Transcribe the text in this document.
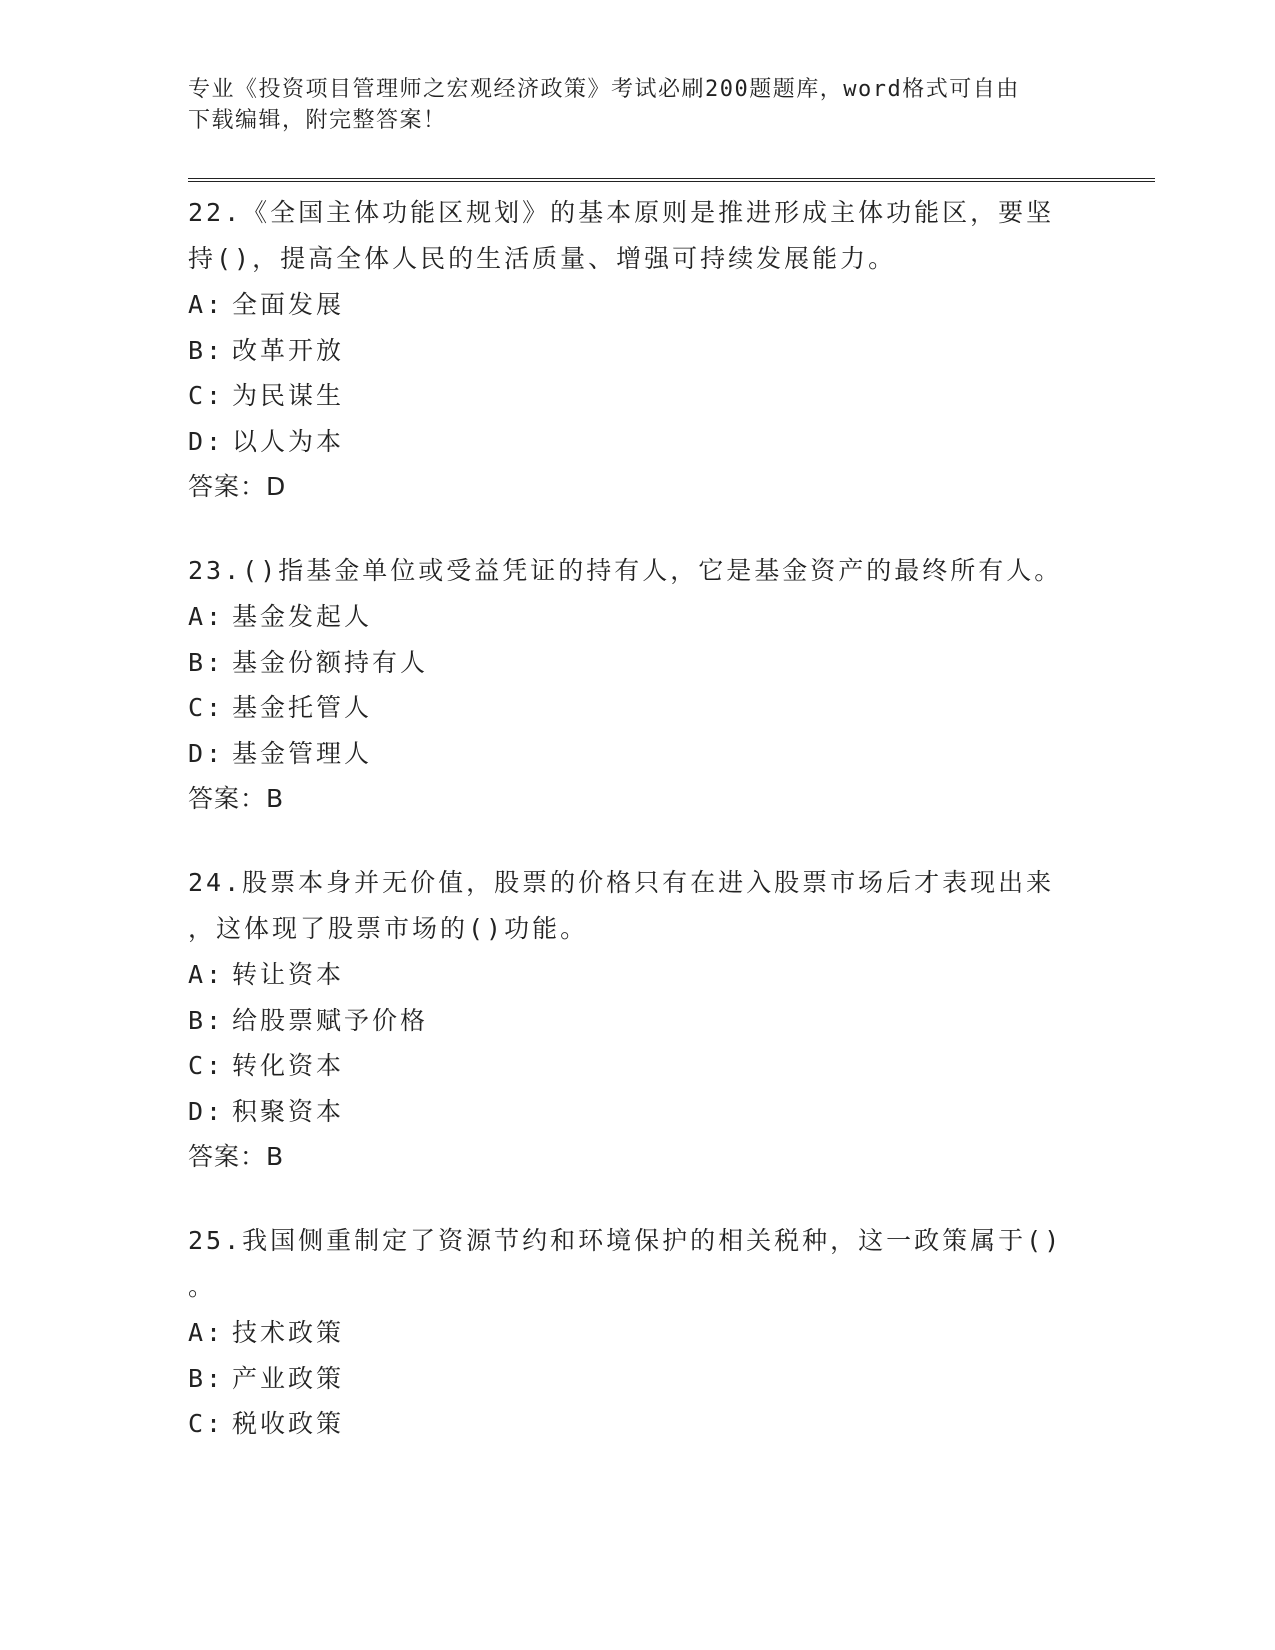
专业《投资项目管理师之宏观经济政策》考试必刷200题题库，word格式可自由
下载编辑，附完整答案！
22.《全国主体功能区规划》的基本原则是推进形成主体功能区，要坚
持()，提高全体人民的生活质量、增强可持续发展能力。
A: 全面发展
B: 改革开放
C: 为民谋生
D: 以人为本
答案：D
23.()指基金单位或受益凭证的持有人，它是基金资产的最终所有人。
A: 基金发起人
B: 基金份额持有人
C: 基金托管人
D: 基金管理人
答案：B
24.股票本身并无价值，股票的价格只有在进入股票市场后才表现出来
，这体现了股票市场的()功能。
A: 转让资本
B: 给股票赋予价格
C: 转化资本
D: 积聚资本
答案：B
25.我国侧重制定了资源节约和环境保护的相关税种，这一政策属于()
。
A: 技术政策
B: 产业政策
C: 税收政策
